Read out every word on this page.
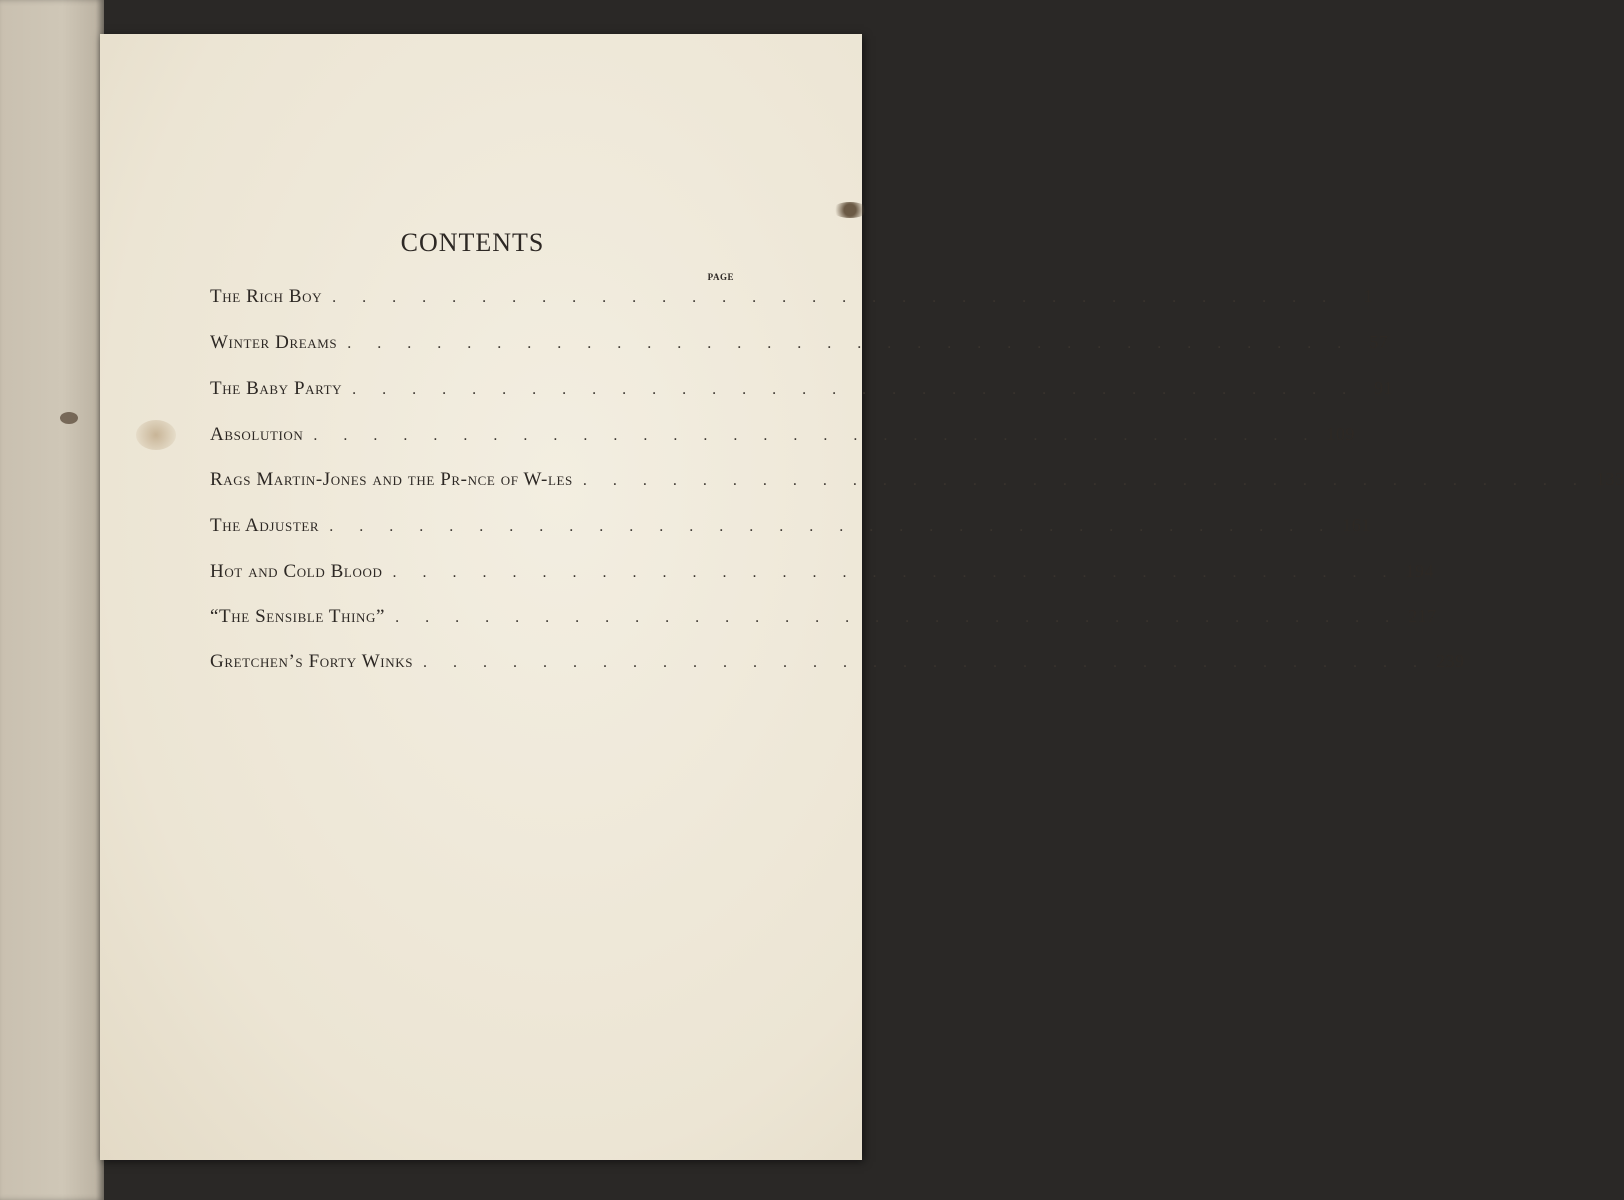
CONTENTS
PAGE
The Rich Boy . . . . . . . . . . . . . . . . . . . . . . . . . . . . . . . . . .	1
Winter Dreams . . . . . . . . . . . . . . . . . . . . . . . . . . . . . . . . . . 57
The Baby Party . . . . . . . . . . . . . . . . . . . . . . . . . . . . . . . . . . 91
Absolution . . . . . . . . . . . . . . . . . . . . . . . . . . . . . . . . . . 109
Rags Martin-Jones and the Pr-nce of W-les . . . . . . . . . . . . . . . . . . . . . . . . . . . . . . . . . . 133
The Adjuster . . . . . . . . . . . . . . . . . . . . . . . . . . . . . . . . . . 161
Hot and Cold Blood . . . . . . . . . . . . . . . . . . . . . . . . . . . . . . . . . . 194
“The Sensible Thing” . . . . . . . . . . . . . . . . . . . . . . . . . . . . . . . . . . 217
Gretchen’s Forty Winks . . . . . . . . . . . . . . . . . . . . . . . . . . . . . . . . . . 239
